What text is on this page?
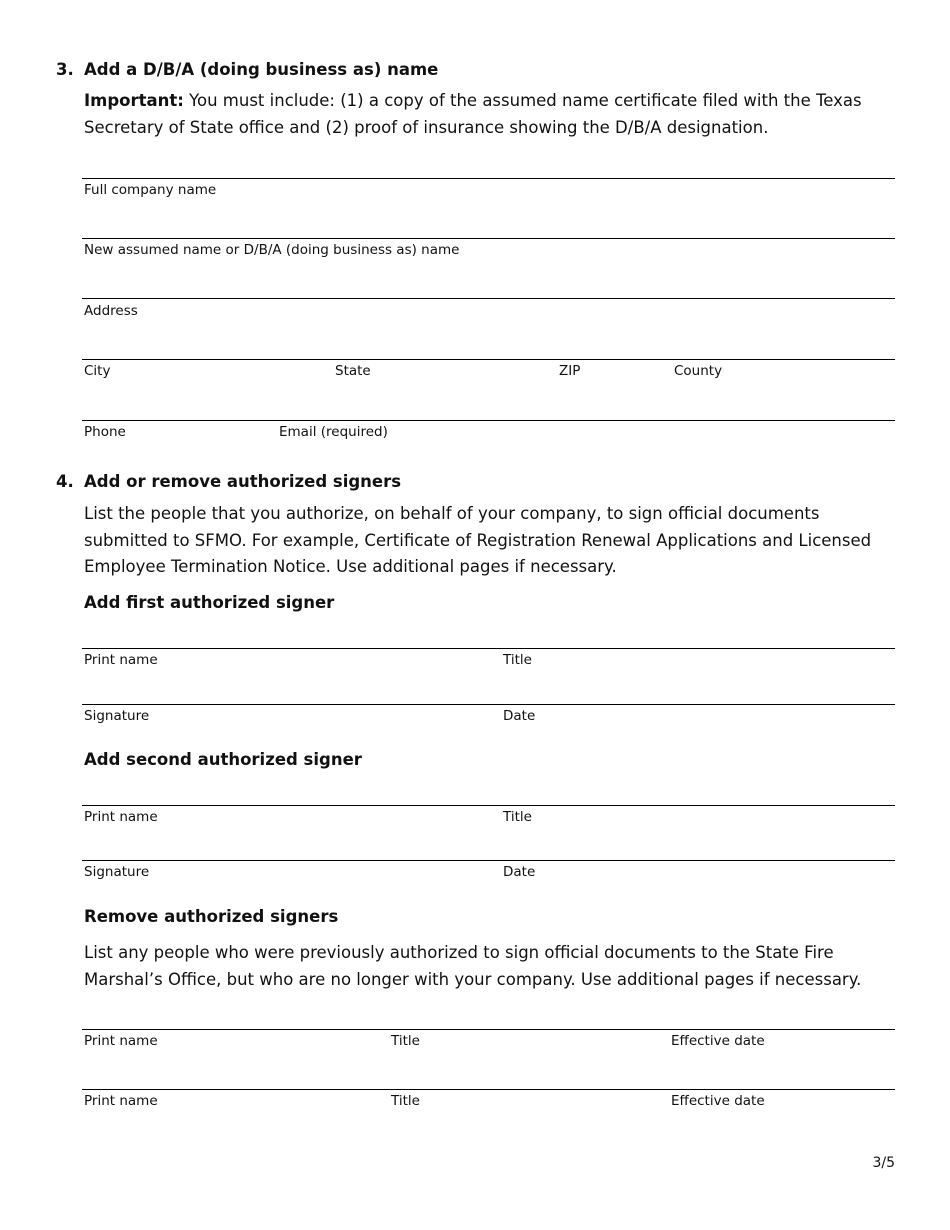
3. Add a D/B/A (doing business as) name
Important: You must include: (1) a copy of the assumed name certificate filed with the Texas Secretary of State office and (2) proof of insurance showing the D/B/A designation.
Full company name
New assumed name or D/B/A (doing business as) name
Address
City	State	ZIP	County
Phone	Email (required)
4. Add or remove authorized signers
List the people that you authorize, on behalf of your company, to sign official documents submitted to SFMO. For example, Certificate of Registration Renewal Applications and Licensed Employee Termination Notice. Use additional pages if necessary.
Add first authorized signer
Print name	Title
Signature	Date
Add second authorized signer
Print name	Title
Signature	Date
Remove authorized signers
List any people who were previously authorized to sign official documents to the State Fire Marshal’s Office, but who are no longer with your company. Use additional pages if necessary.
Print name	Title	Effective date
Print name	Title	Effective date
3/5
